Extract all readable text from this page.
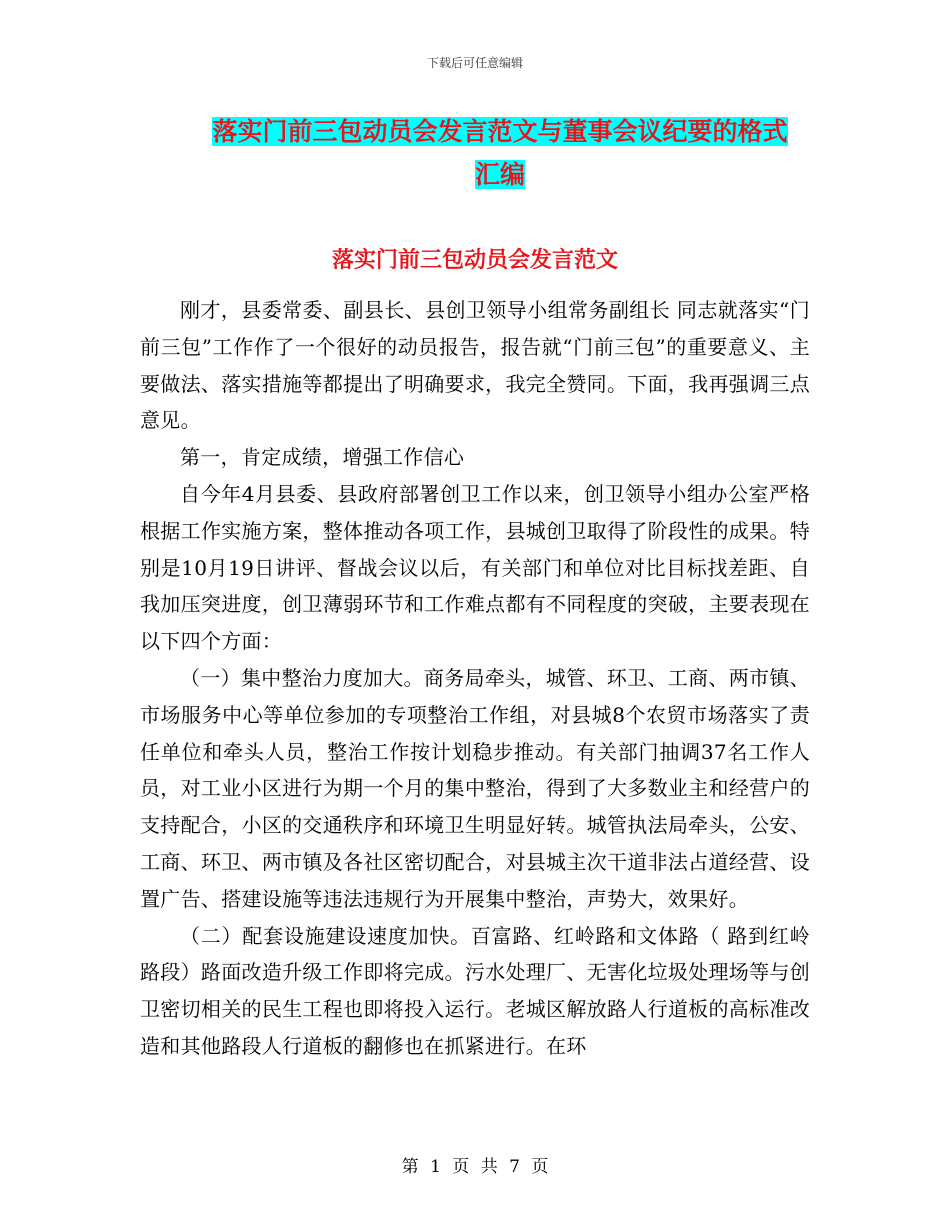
下载后可任意编辑
落实门前三包动员会发言范文与董事会议纪要的格式
汇编
落实门前三包动员会发言范文

刚才，县委常委、副县长、县创卫领导小组常务副组长 同志就落实“门前三包”工作作了一个很好的动员报告，报告就“门前三包”的重要意义、主要做法、落实措施等都提出了明确要求，我完全赞同。下面，我再强调三点意见。

第一，肯定成绩，增强工作信心

自今年4月县委、县政府部署创卫工作以来，创卫领导小组办公室严格根据工作实施方案，整体推动各项工作，县城创卫取得了阶段性的成果。特别是10月19日讲评、督战会议以后，有关部门和单位对比目标找差距、自我加压突进度，创卫薄弱环节和工作难点都有不同程度的突破，主要表现在以下四个方面：

（一）集中整治力度加大。商务局牵头，城管、环卫、工商、两市镇、市场服务中心等单位参加的专项整治工作组，对县城8个农贸市场落实了责任单位和牵头人员，整治工作按计划稳步推动。有关部门抽调37名工作人员，对工业小区进行为期一个月的集中整治，得到了大多数业主和经营户的支持配合，小区的交通秩序和环境卫生明显好转。城管执法局牵头，公安、工商、环卫、两市镇及各社区密切配合，对县城主次干道非法占道经营、设置广告、搭建设施等违法违规行为开展集中整治，声势大，效果好。

（二）配套设施建设速度加快。百富路、红岭路和文体路（ 路到红岭路段）路面改造升级工作即将完成。污水处理厂、无害化垃圾处理场等与创卫密切相关的民生工程也即将投入运行。老城区解放路人行道板的高标准改造和其他路段人行道板的翻修也在抓紧进行。在环

第 1 页 共 7 页
